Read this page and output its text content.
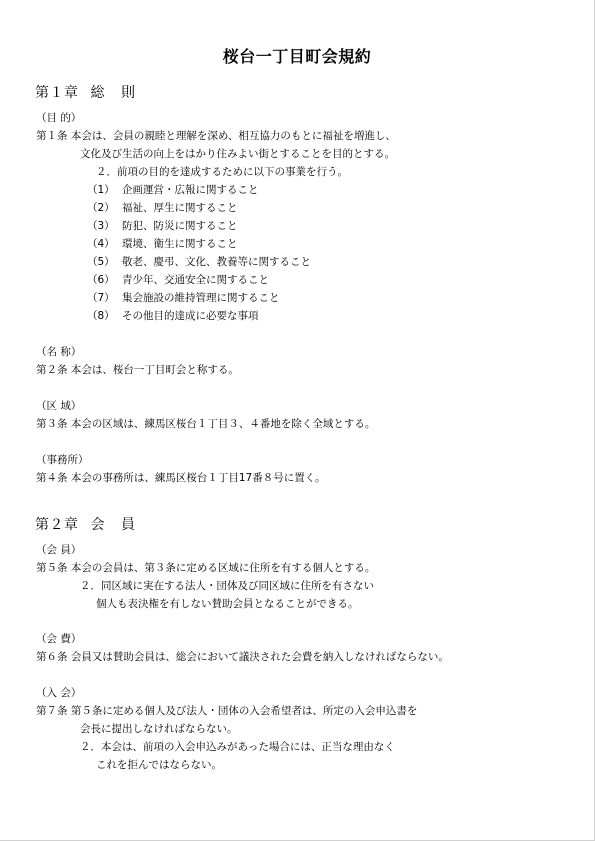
桜台一丁目町会規約
第１章 総 則
（目 的）
第１条 本会は、会員の親睦と理解を深め、相互協力のもとに福祉を増進し、
文化及び生活の向上をはかり住みよい街とすることを目的とする。
２．前項の目的を達成するために以下の事業を行う。
（1） 企画運営・広報に関すること
（2） 福祉、厚生に関すること
（3） 防犯、防災に関すること
（4） 環境、衛生に関すること
（5） 敬老、慶弔、文化、教養等に関すること
（6） 青少年、交通安全に関すること
（7） 集会施設の維持管理に関すること
（8） その他目的達成に必要な事項
（名 称）
第２条 本会は、桜台一丁目町会と称する。
（区 域）
第３条 本会の区域は、練馬区桜台１丁目３、４番地を除く全域とする。
（事務所）
第４条 本会の事務所は、練馬区桜台１丁目17番８号に置く。
第２章 会 員
（会 員）
第５条 本会の会員は、第３条に定める区域に住所を有する個人とする。
２．同区域に実在する法人・団体及び同区域に住所を有さない
個人も表決権を有しない賛助会員となることができる。
（会 費）
第６条 会員又は賛助会員は、総会において議決された会費を納入しなければならない。
（入 会）
第７条 第５条に定める個人及び法人・団体の入会希望者は、所定の入会申込書を
会長に提出しなければならない。
２．本会は、前項の入会申込みがあった場合には、正当な理由なく
これを拒んではならない。
